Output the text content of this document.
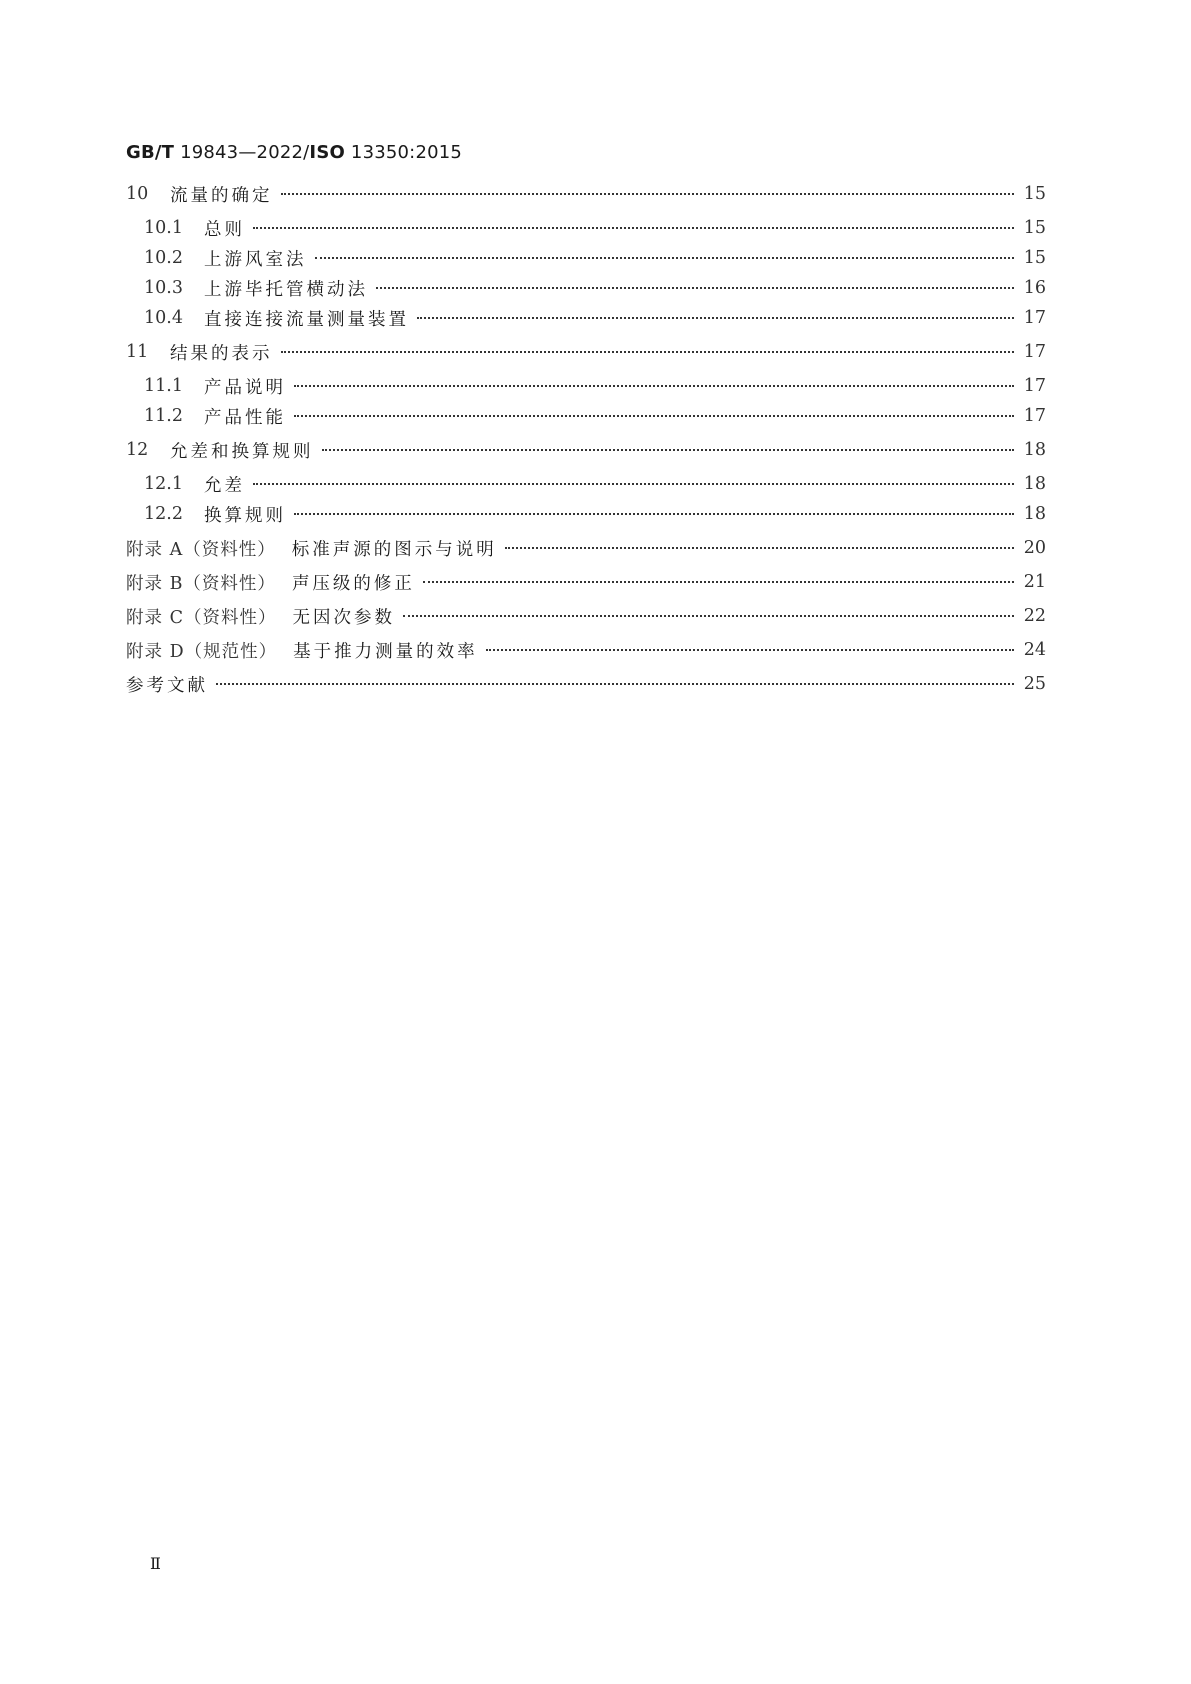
GB/T 19843—2022/ISO 13350:2015
10	流量的确定	15
10.1	总则	15
10.2	上游风室法	15
10.3	上游毕托管横动法	16
10.4	直接连接流量测量装置	17
11	结果的表示	17
11.1	产品说明	17
11.2	产品性能	17
12	允差和换算规则	18
12.1	允差	18
12.2	换算规则	18
附录 A（资料性） 标准声源的图示与说明	20
附录 B（资料性） 声压级的修正	21
附录 C（资料性） 无因次参数	22
附录 D（规范性） 基于推力测量的效率	24
参考文献	25
Ⅱ
